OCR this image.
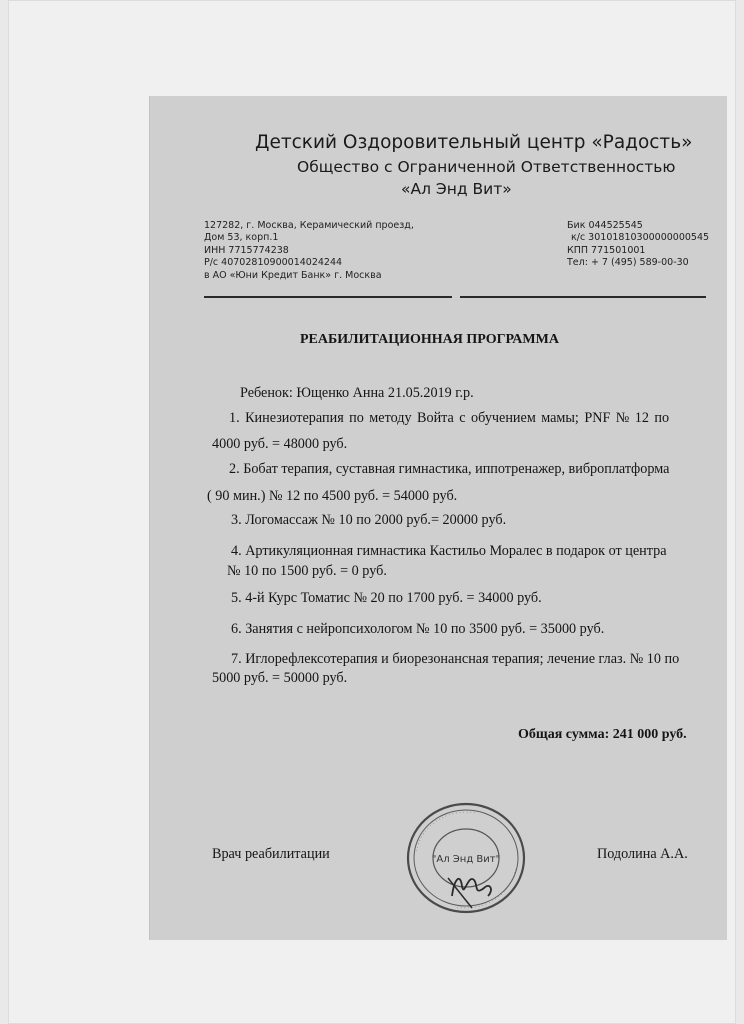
Детский Оздоровительный центр «Радость»
Общество с Ограниченной Ответственностью
«Ал Энд Вит»
127282, г. Москва, Керамический проезд,
Дом 53, корп.1
ИНН 7715774238
Р/с 40702810900014024244
в АО «Юни Кредит Банк» г. Москва
Бик 044525545
к/с 30101810300000000545
КПП 771501001
Тел: + 7 (495) 589-00-30
РЕАБИЛИТАЦИОННАЯ ПРОГРАММА
Ребенок: Ющенко Анна 21.05.2019 г.р.
1. Кинезиотерапия по методу Войта с обучением мамы; PNF № 12 по
4000 руб. = 48000 руб.
2. Бобат терапия, суставная гимнастика, иппотренажер, виброплатформа
( 90 мин.) № 12 по 4500 руб. = 54000 руб.
3. Логомассаж № 10 по 2000 руб.= 20000 руб.
4. Артикуляционная гимнастика Кастильо Моралес в подарок от центра
№ 10 по 1500 руб. = 0 руб.
5. 4-й Курс Томатис № 20 по 1700 руб. = 34000 руб.
6. Занятия с нейропсихологом № 10 по 3500 руб. = 35000 руб.
7. Иглорефлексотерапия и биорезонансная терапия; лечение глаз. № 10 по
5000 руб. = 50000 руб.
Общая сумма: 241 000 руб.
Врач реабилитации	Подолина А.А.
· · · · · · · · · · · · · · · · · · · · · ·
· · · · · · · · · · · · · · · · · · · · · ·
"Ал Энд Вит"
